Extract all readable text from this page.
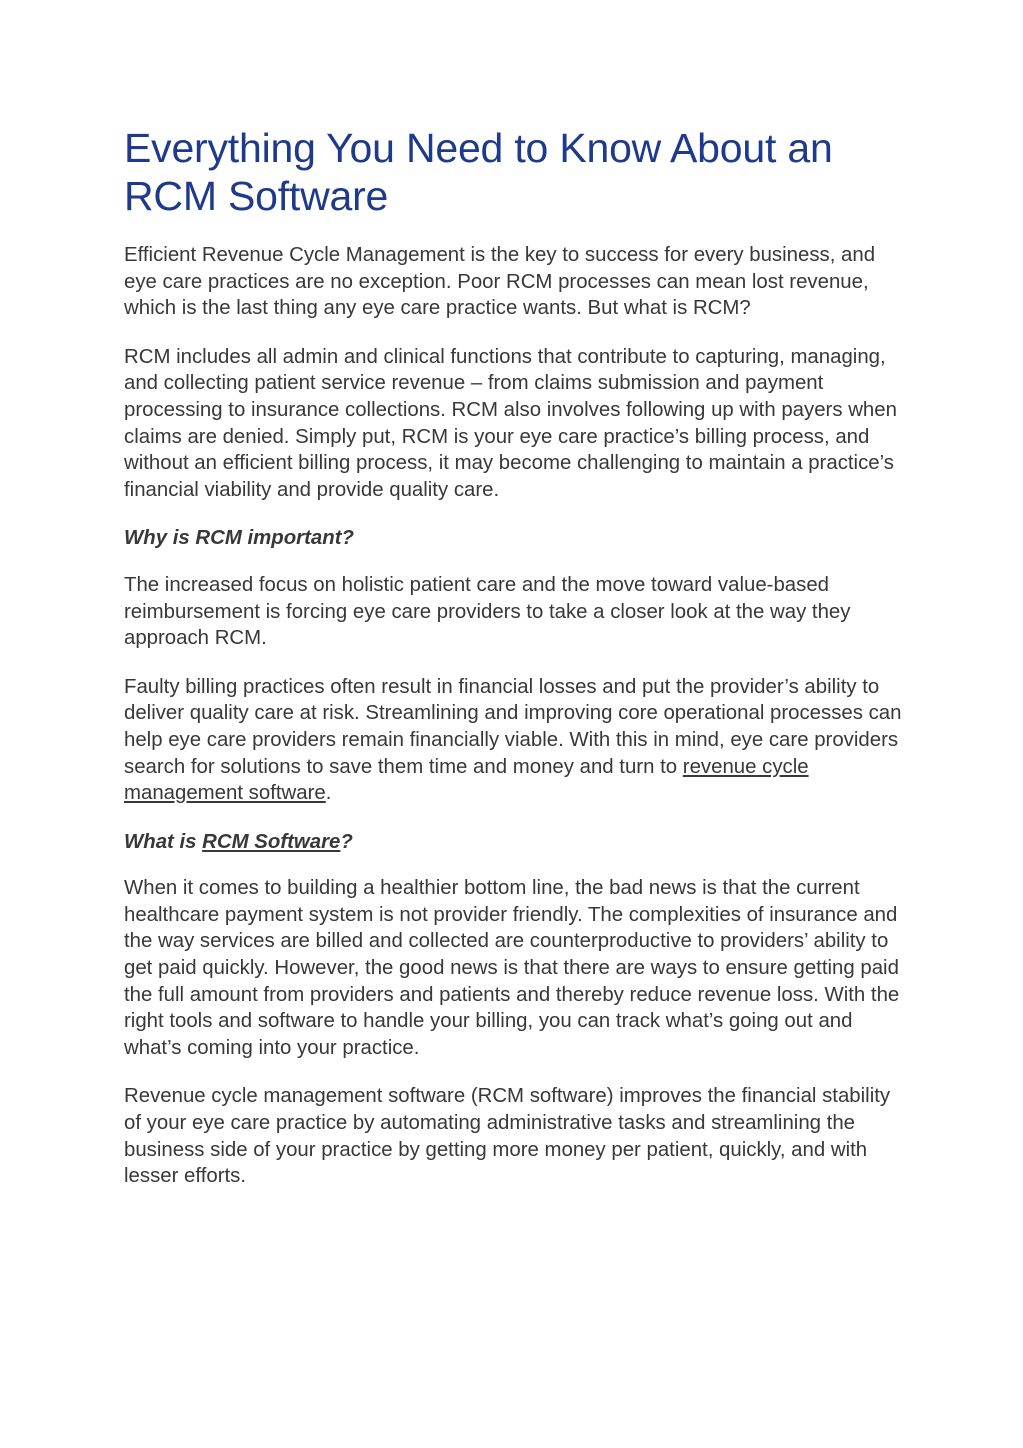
Everything You Need to Know About an RCM Software

Efficient Revenue Cycle Management is the key to success for every business, and eye care practices are no exception. Poor RCM processes can mean lost revenue, which is the last thing any eye care practice wants. But what is RCM?

RCM includes all admin and clinical functions that contribute to capturing, managing, and collecting patient service revenue – from claims submission and payment processing to insurance collections. RCM also involves following up with payers when claims are denied. Simply put, RCM is your eye care practice’s billing process, and without an efficient billing process, it may become challenging to maintain a practice’s financial viability and provide quality care.

Why is RCM important?

The increased focus on holistic patient care and the move toward value-based reimbursement is forcing eye care providers to take a closer look at the way they approach RCM.

Faulty billing practices often result in financial losses and put the provider’s ability to deliver quality care at risk. Streamlining and improving core operational processes can help eye care providers remain financially viable. With this in mind, eye care providers search for solutions to save them time and money and turn to revenue cycle management software.

What is RCM Software?

When it comes to building a healthier bottom line, the bad news is that the current healthcare payment system is not provider friendly. The complexities of insurance and the way services are billed and collected are counterproductive to providers’ ability to get paid quickly. However, the good news is that there are ways to ensure getting paid the full amount from providers and patients and thereby reduce revenue loss. With the right tools and software to handle your billing, you can track what’s going out and what’s coming into your practice.

Revenue cycle management software (RCM software) improves the financial stability of your eye care practice by automating administrative tasks and streamlining the business side of your practice by getting more money per patient, quickly, and with lesser efforts.
